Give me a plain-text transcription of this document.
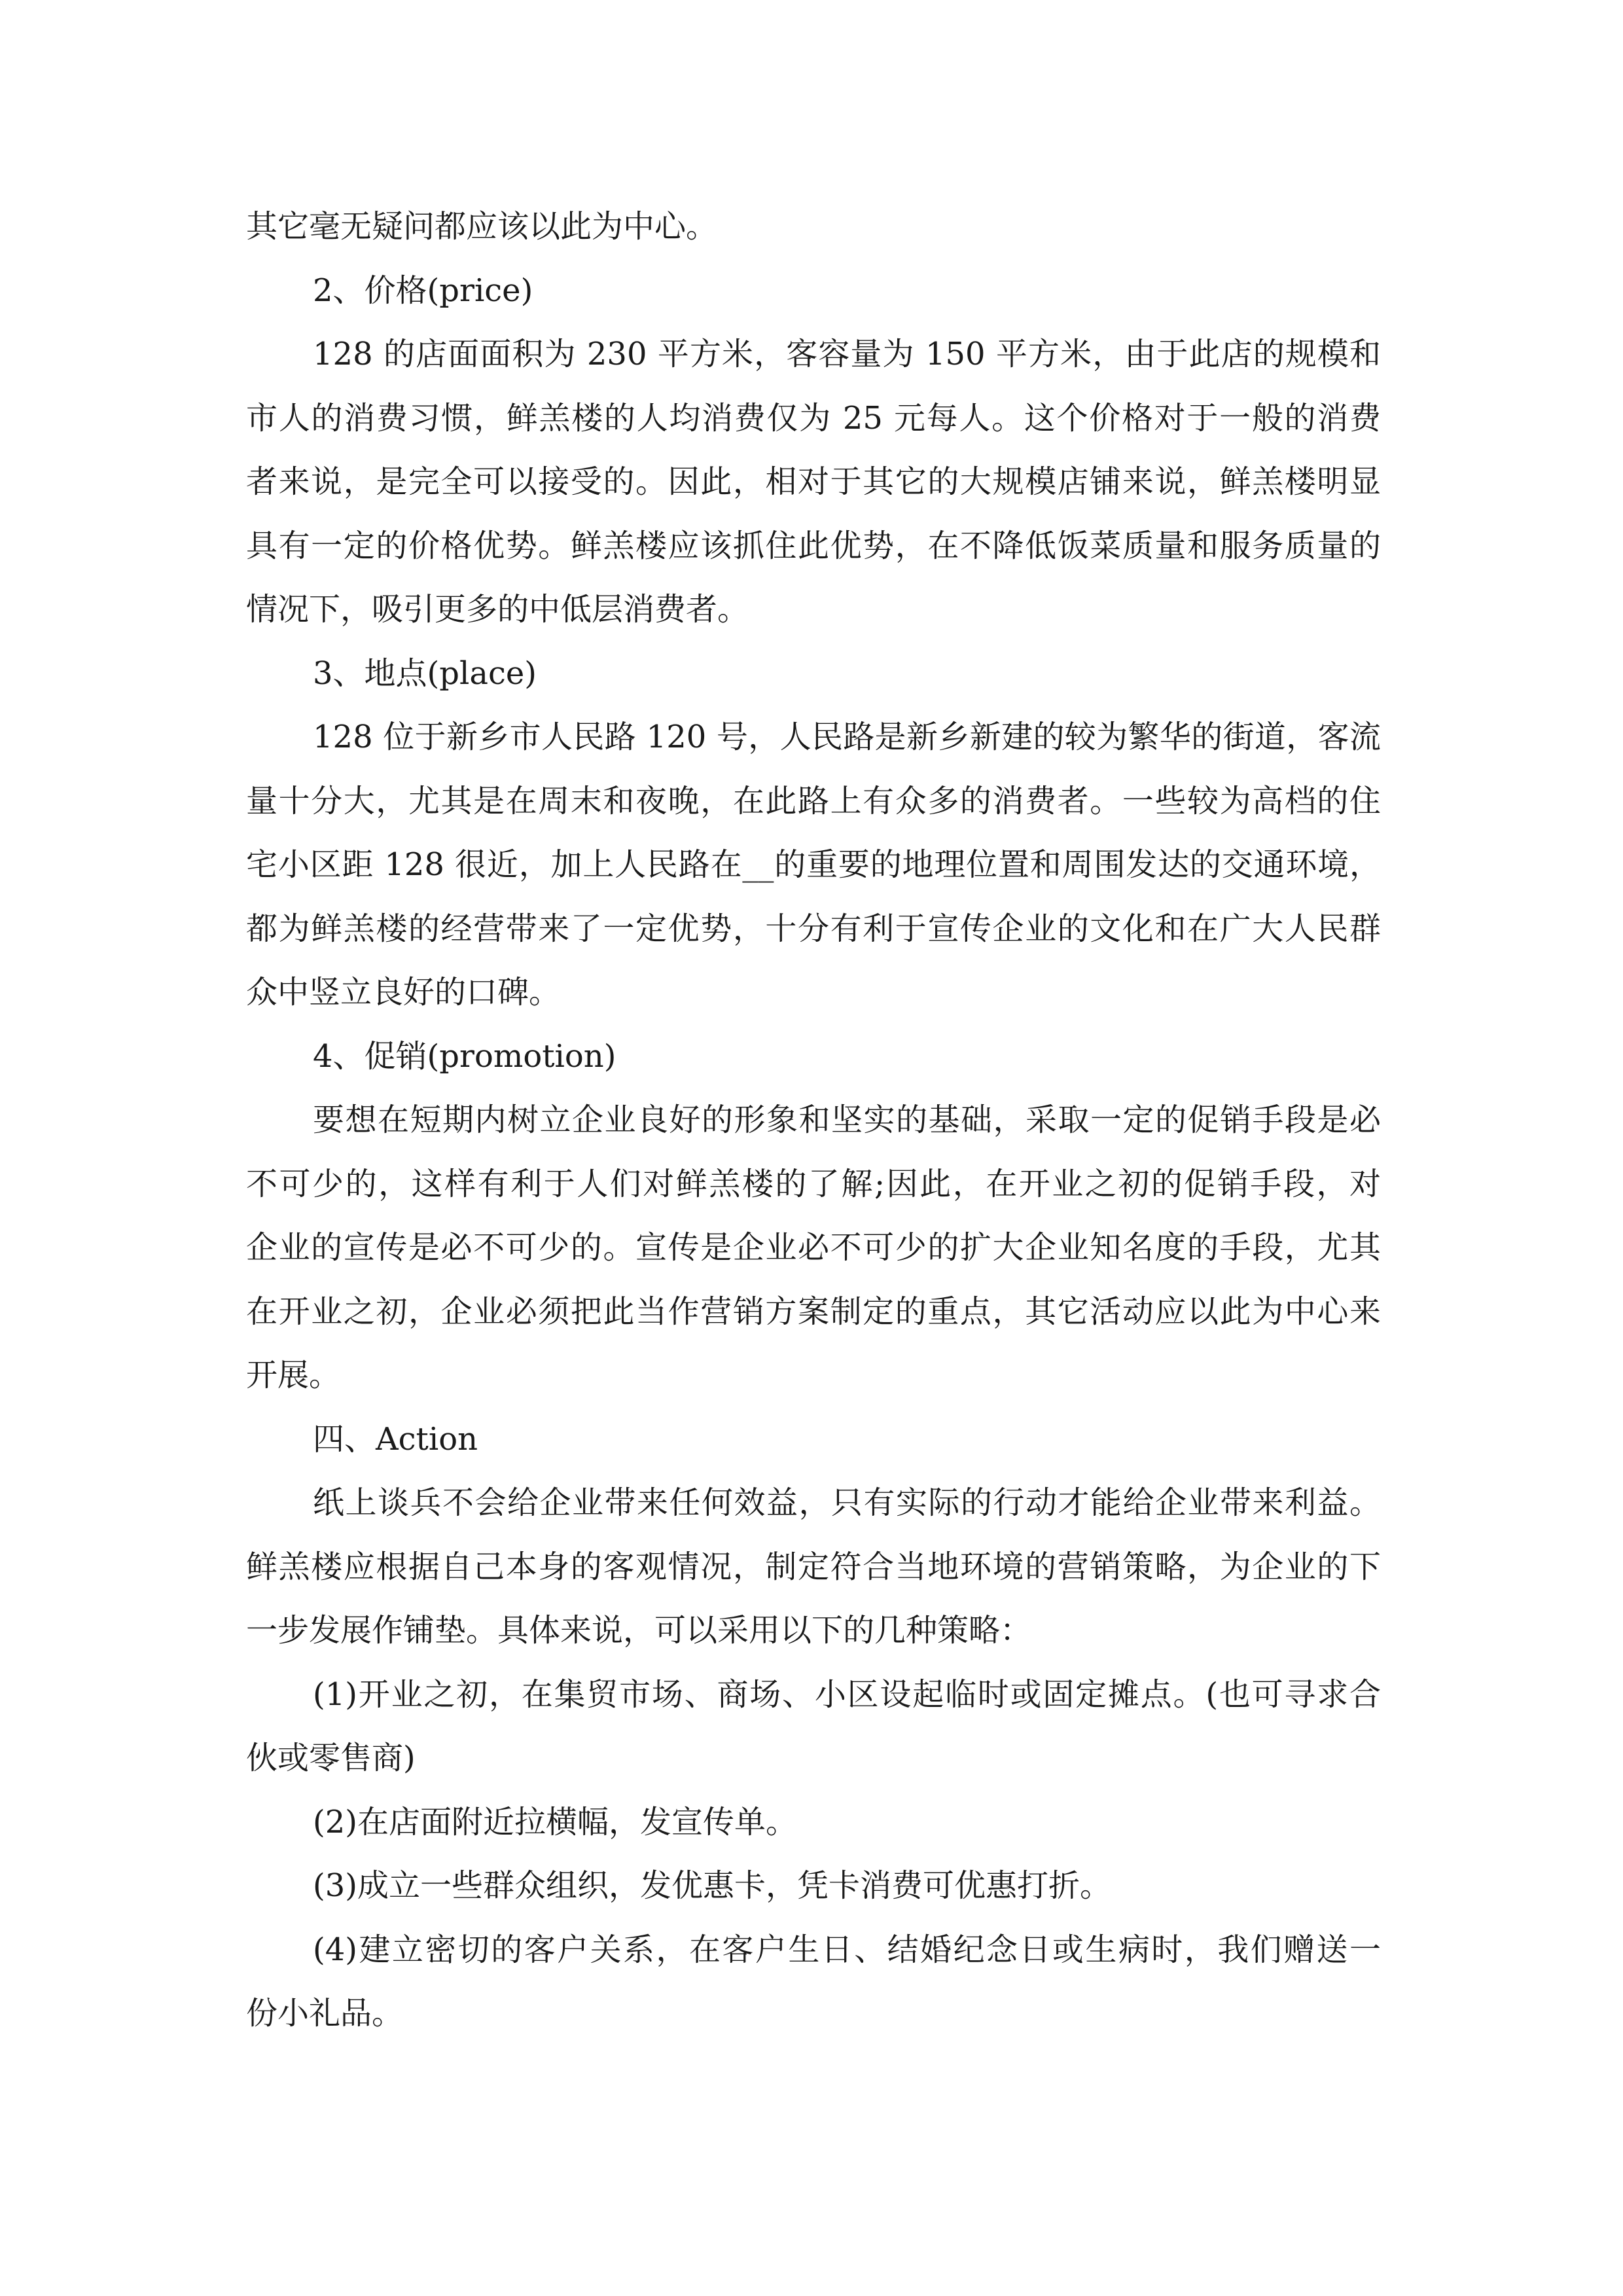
其它毫无疑问都应该以此为中心。
2、价格(price)
128 的店面面积为 230 平方米，客容量为 150 平方米，由于此店的规模和
市人的消费习惯，鲜羔楼的人均消费仅为 25 元每人。这个价格对于一般的消费
者来说，是完全可以接受的。因此，相对于其它的大规模店铺来说，鲜羔楼明显
具有一定的价格优势。鲜羔楼应该抓住此优势，在不降低饭菜质量和服务质量的
情况下，吸引更多的中低层消费者。
3、地点(place)
128 位于新乡市人民路 120 号，人民路是新乡新建的较为繁华的街道，客流
量十分大，尤其是在周末和夜晚，在此路上有众多的消费者。一些较为高档的住
宅小区距 128 很近，加上人民路在__的重要的地理位置和周围发达的交通环境，
都为鲜羔楼的经营带来了一定优势，十分有利于宣传企业的文化和在广大人民群
众中竖立良好的口碑。
4、促销(promotion)
要想在短期内树立企业良好的形象和坚实的基础，采取一定的促销手段是必
不可少的，这样有利于人们对鲜羔楼的了解;因此，在开业之初的促销手段，对
企业的宣传是必不可少的。宣传是企业必不可少的扩大企业知名度的手段，尤其
在开业之初，企业必须把此当作营销方案制定的重点，其它活动应以此为中心来
开展。
四、Action
纸上谈兵不会给企业带来任何效益，只有实际的行动才能给企业带来利益。
鲜羔楼应根据自己本身的客观情况，制定符合当地环境的营销策略，为企业的下
一步发展作铺垫。具体来说，可以采用以下的几种策略：
(1)开业之初，在集贸市场、商场、小区设起临时或固定摊点。(也可寻求合
伙或零售商)
(2)在店面附近拉横幅，发宣传单。
(3)成立一些群众组织，发优惠卡，凭卡消费可优惠打折。
(4)建立密切的客户关系，在客户生日、结婚纪念日或生病时，我们赠送一
份小礼品。
